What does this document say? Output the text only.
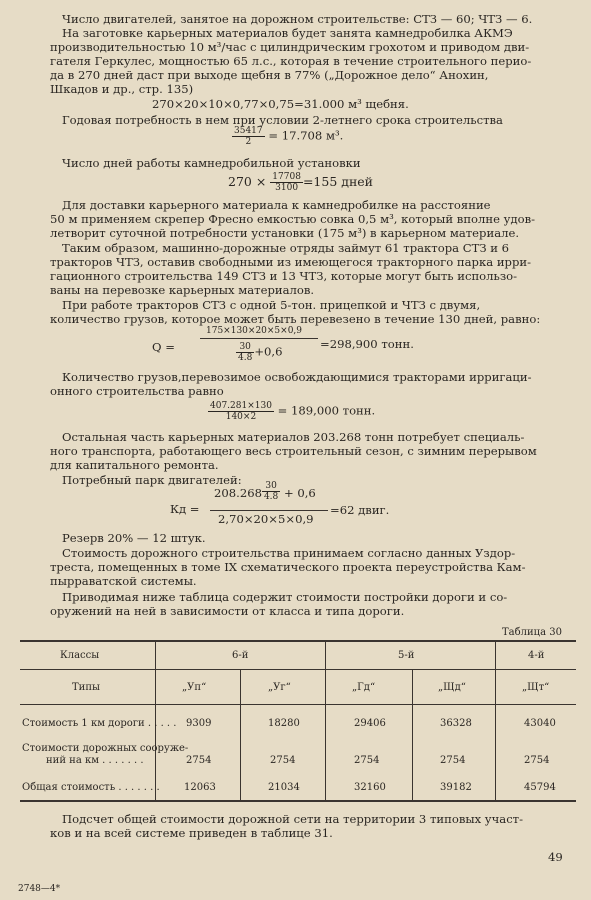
Число двигателей, занятое на дорожном строительстве: СТЗ — 60; ЧТЗ — 6.
На заготовке карьерных материалов будет занята камнедробилка АКМЭ
производительностью 10 м³/час с цилиндрическим грохотом и приводом дви-
гателя Геркулес, мощностью 65 л.с., которая в течение строительного перио-
да в 270 дней даст при выходе щебня в 77% („Дорожное дело“ Анохин,
Шкадов и др., стр. 135)
270×20×10×0,77×0,75=31.000 м³ щебня.
Годовая потребность в нем при условии 2-летнего срока строительства
$\frac{35417}{2} = 17.708$ м³.
Число дней работы камнедробильной установки
$270 \times \frac{17708}{3100} =155$ дней
Для доставки карьерного материала к камнедробилке на расстояние
50 м применяем скрепер Фресно емкостью совка 0,5 м³, который вполне удов-
летворит суточной потребности установки (175 м³) в карьерном материале.
Таким образом, машинно-дорожные отряды займут 61 трактора СТЗ и 6
тракторов ЧТЗ, оставив свободными из имеющегося тракторного парка ирри-
гационного строительства 149 СТЗ и 13 ЧТЗ, которые могут быть использо-
ваны на перевозке карьерных материалов.
При работе тракторов СТЗ с одной 5-тон. прицепкой и ЧТЗ с двумя,
количество грузов, которое может быть перевезено в течение 130 дней, равно:
Q =
175×130×20×5×0,9
$\frac{30}{4.8} +0,6$
=298,900 тонн.
Количество грузов,перевозимое освобождающимися тракторами ирригаци-
онного строительства равно
$\frac{407.281\times 130}{140\times 2} = 189,000$ тонн.
Остальная часть карьерных материалов 203.268 тонн потребует специаль-
ного транспорта, работающего весь строительный сезон, с зимним перерывом
для капитального ремонта.
Потребный парк двигателей:
Кд =
$208.268 \frac{30}{4.8} + 0,6$
2,70×20×5×0,9
=62 двиг.
Резерв 20% — 12 штук.
Стоимость дорожного строительства принимаем согласно данных Уздор-
треста, помещенных в томе IX схематического проекта переустройства Кам-
пырраватской системы.
Приводимая ниже таблица содержит стоимости постройки дороги и со-
оружений на ней в зависимости от класса и типа дороги.
Таблица 30
Классы	6-й	5-й	4-й
Типы	„Уп“	„Уг“	„Гд“	„Щд“	„Щт“
Стоимость 1 км дороги . . . . . 9309	18280	29406	36328	43040
Стоимости дорожных сооруже-
ний на км . . . . . . .	2754	2754	2754	2754	2754
Общая стоимость . . . . . . . 12063	21034	32160	39182	45794
Подсчет общей стоимости дорожной сети на территории 3 типовых участ-
ков и на всей системе приведен в таблице 31.
49
2748—4*
